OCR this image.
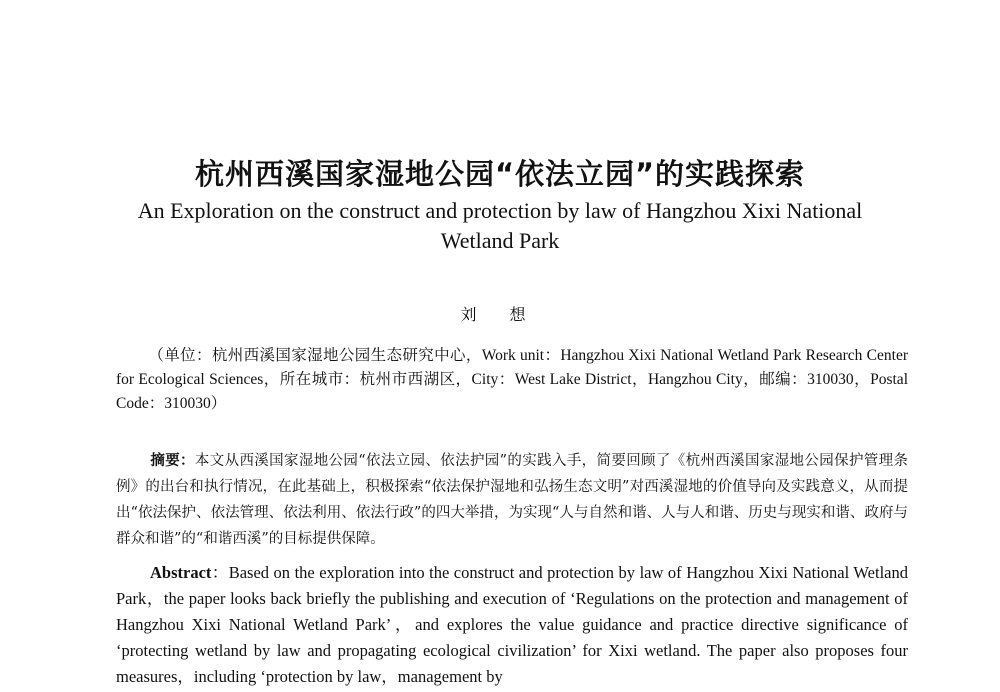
杭州西溪国家湿地公园“依法立园”的实践探索
An Exploration on the construct and protection by law of Hangzhou Xixi National Wetland Park
刘 想
（单位：杭州西溪国家湿地公园生态研究中心，Work unit：Hangzhou Xixi National Wetland Park Research Center for Ecological Sciences，所在城市：杭州市西湖区，City：West Lake District，Hangzhou City，邮编：310030，Postal Code：310030）
摘要：本文从西溪国家湿地公园“依法立园、依法护园”的实践入手，简要回顾了《杭州西溪国家湿地公园保护管理条例》的出台和执行情况，在此基础上，积极探索“依法保护湿地和弘扬生态文明”对西溪湿地的价值导向及实践意义，从而提出“依法保护、依法管理、依法利用、依法行政”的四大举措，为实现“人与自然和谐、人与人和谐、历史与现实和谐、政府与群众和谐”的“和谐西溪”的目标提供保障。
Abstract：Based on the exploration into the construct and protection by law of Hangzhou Xixi National Wetland Park，the paper looks back briefly the publishing and execution of ‘Regulations on the protection and management of Hangzhou Xixi National Wetland Park’，and explores the value guidance and practice directive significance of ‘protecting wetland by law and propagating ecological civilization’ for Xixi wetland. The paper also proposes four measures，including ‘protection by law，management by
